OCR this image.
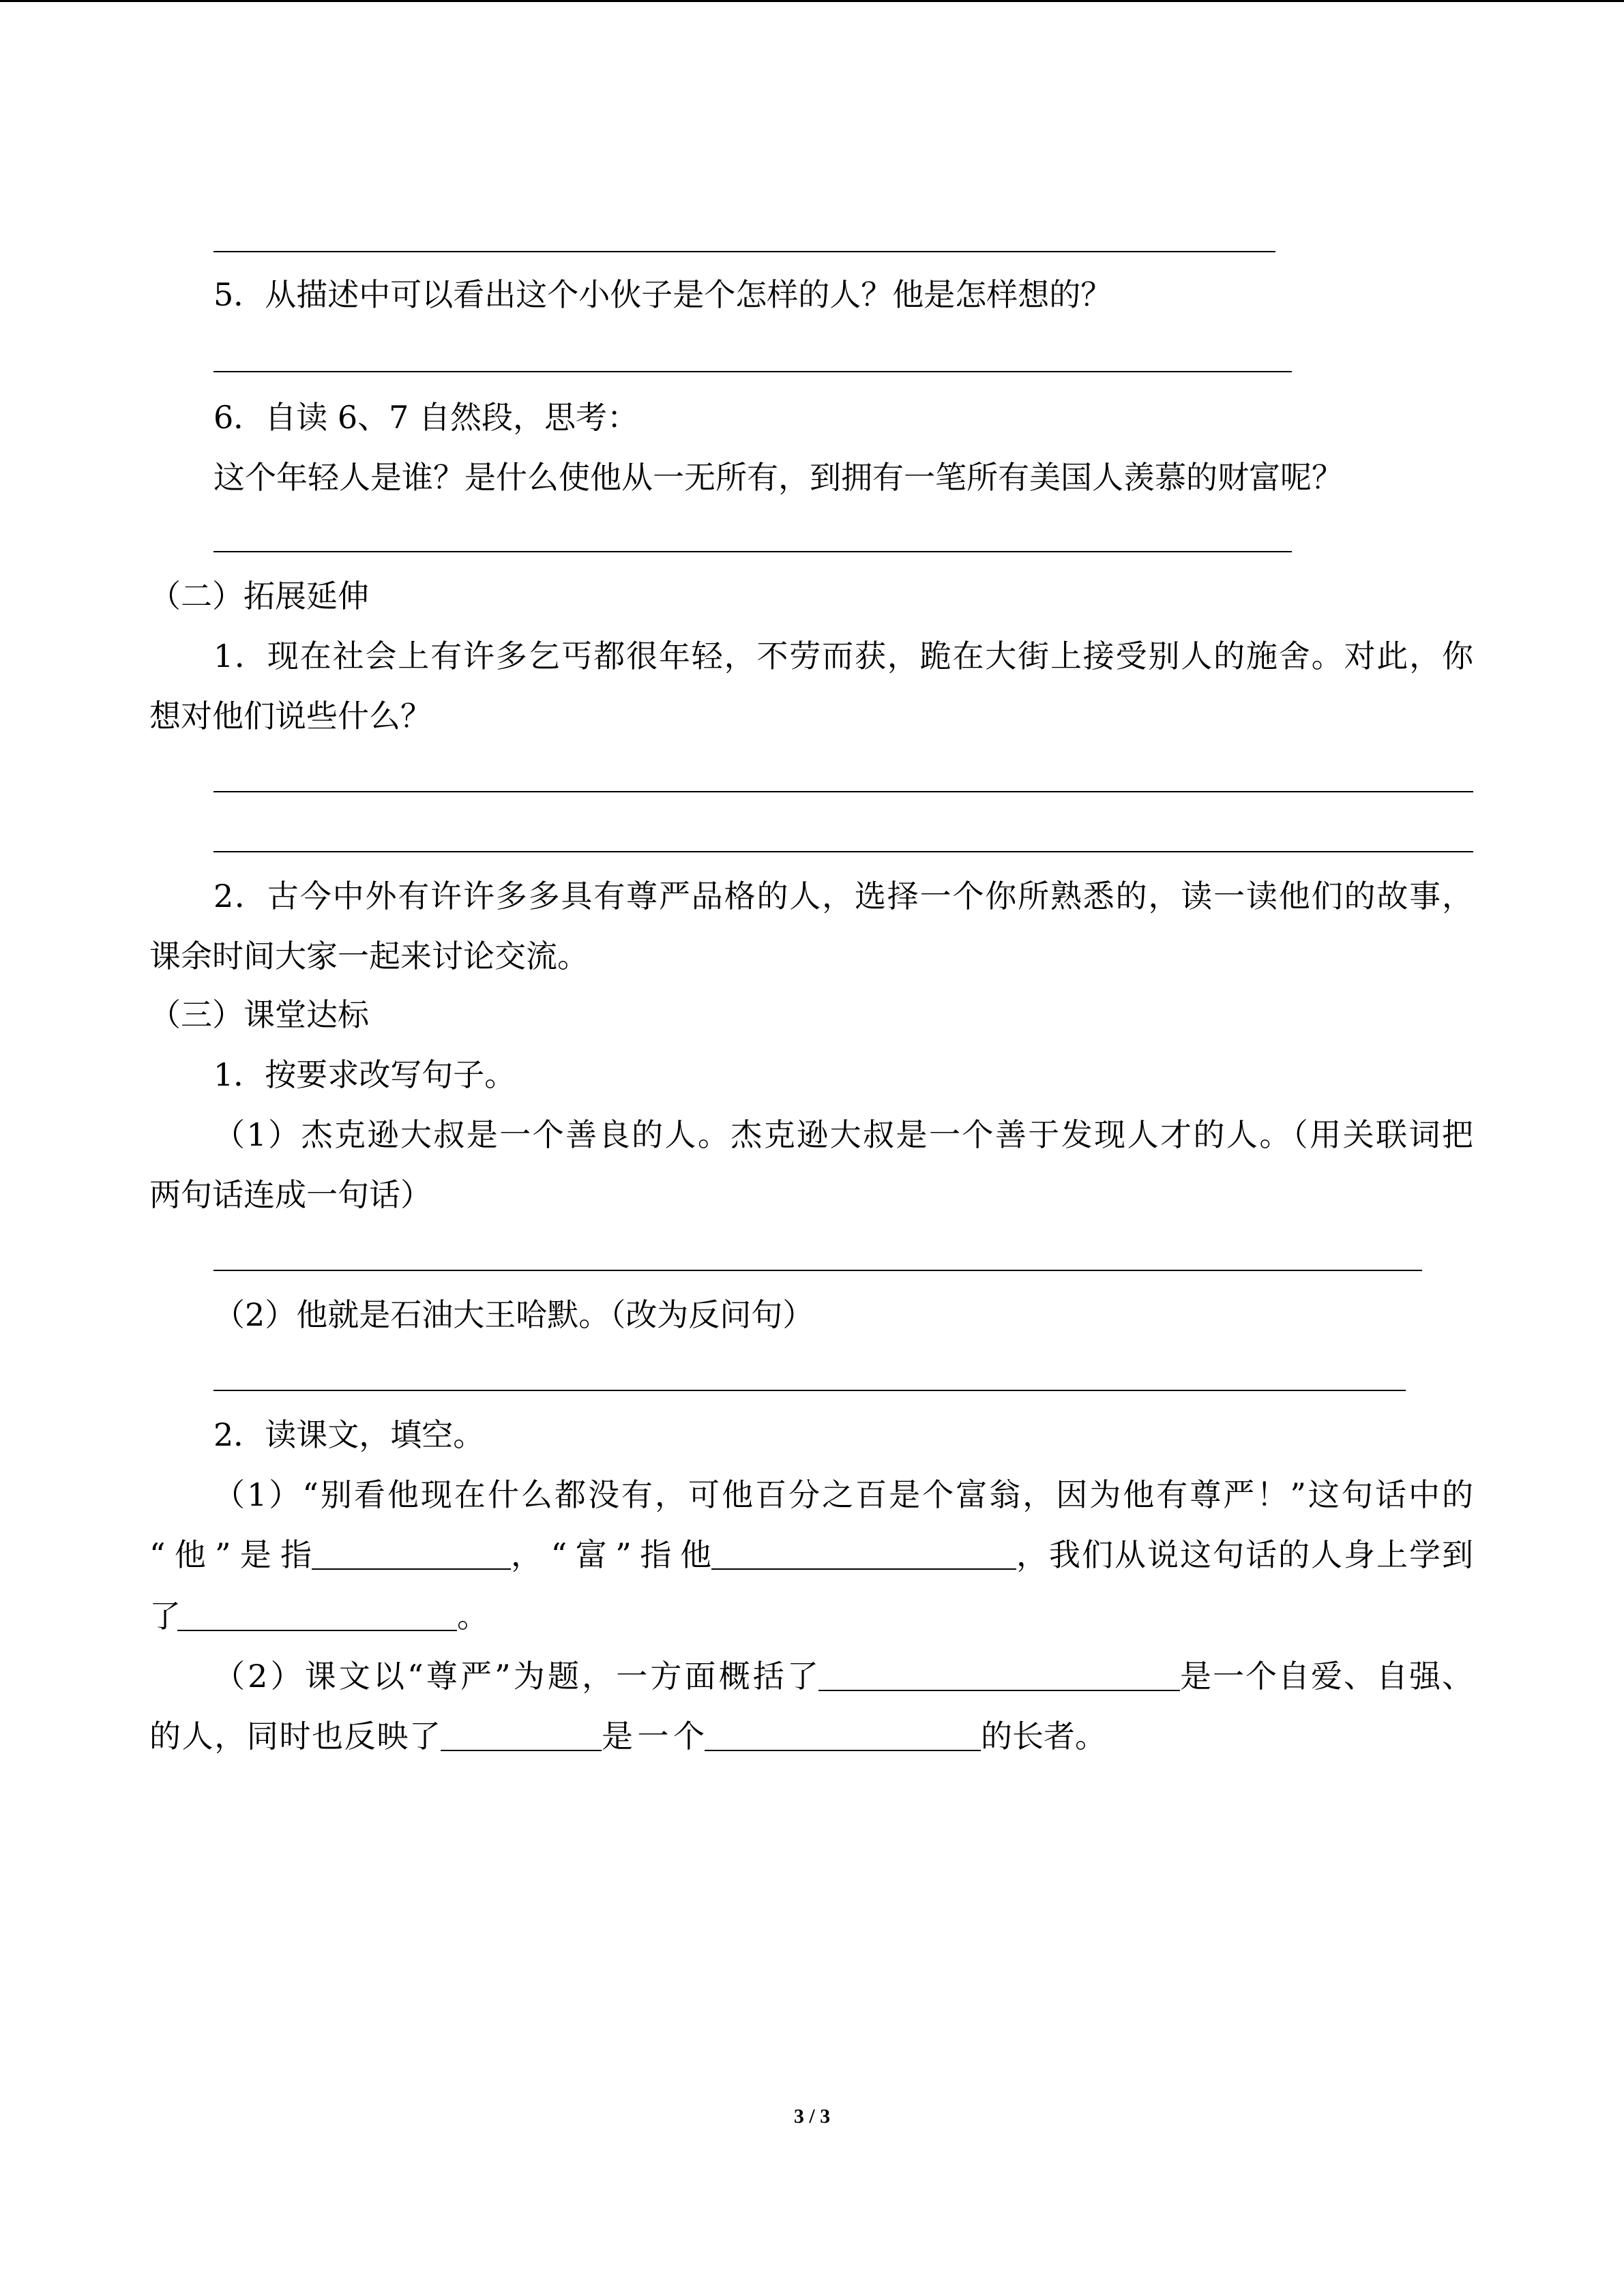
5．从描述中可以看出这个小伙子是个怎样的人？他是怎样想的？
6．自读 6、7 自然段，思考：
这个年轻人是谁？是什么使他从一无所有，到拥有一笔所有美国人羡慕的财富呢？
（二）拓展延伸
1．现在社会上有许多乞丐都很年轻，不劳而获，跪在大街上接受别人的施舍。对此，你
想对他们说些什么？
2．古今中外有许许多多具有尊严品格的人，选择一个你所熟悉的，读一读他们的故事，
课余时间大家一起来讨论交流。
（三）课堂达标
1．按要求改写句子。
（1）杰克逊大叔是一个善良的人。杰克逊大叔是一个善于发现人才的人。（用关联词把
两句话连成一句话）
（2）他就是石油大王哈默。（改为反问句）
2．读课文，填空。
（1）“别看他现在什么都没有，可他百分之百是个富翁，因为他有尊严！”这句话中的
“他”是指	，“富”指他	，我们从说这句话的人身上学到
了	。
（2）课文以“尊严”为题，一方面概括了	是一个自爱、自强、
的人，同时也反映了	是一个	的长者。
3 / 3
